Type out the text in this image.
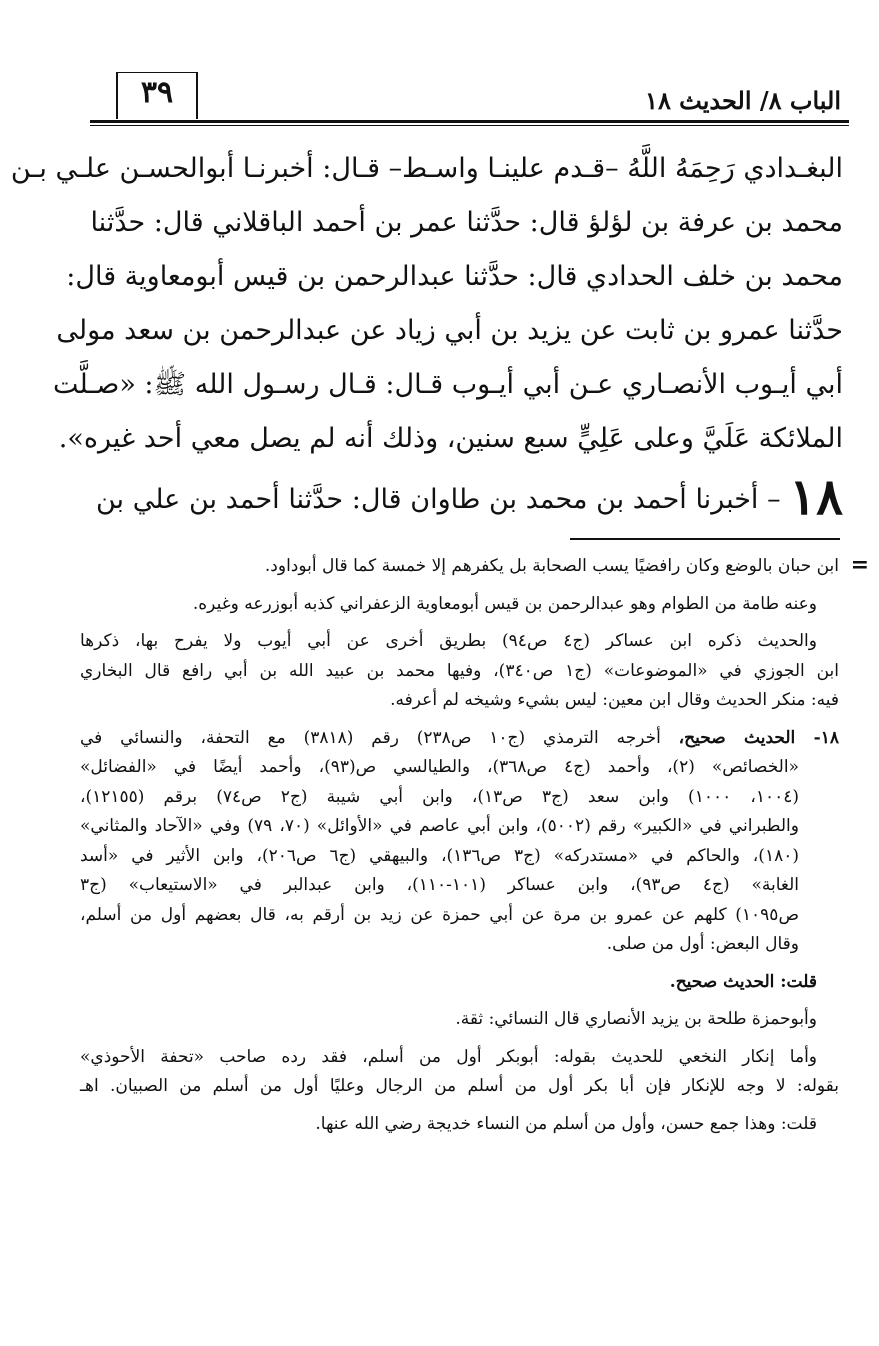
الباب ٨/ الحديث ١٨
٣٩
البغـدادي رَحِمَهُ اللَّهُ –قـدم علينـا واسـط– قـال: أخبرنـا أبوالحسـن علـي بـن
محمد بن عرفة بن لؤلؤ قال: حدَّثنا عمر بن أحمد الباقلاني قال: حدَّثنا
محمد بن خلف الحدادي قال: حدَّثنا عبدالرحمن بن قيس أبومعاوية قال:
حدَّثنا عمرو بن ثابت عن يزيد بن أبي زياد عن عبدالرحمن بن سعد مولى
أبي أيـوب الأنصـاري عـن أبي أيـوب قـال: قـال رسـول الله ﷺ: «صـلَّت
الملائكة عَلَيَّ وعلى عَلِيٍّ سبع سنين، وذلك أنه لم يصل معي أحد غيره».
١٨ – أخبرنا أحمد بن محمد بن طاوان قال: حدَّثنا أحمد بن علي بن
=
ابن حبان بالوضع وكان رافضيًا يسب الصحابة بل يكفرهم إلا خمسة كما قال أبوداود.
وعنه طامة من الطوام وهو عبدالرحمن بن قيس أبومعاوية الزعفراني كذبه أبوزرعه وغيره.
والحديث ذكره ابن عساكر (ج٤ ص٩٤) بطريق أخرى عن أبي أيوب ولا يفرح بها، ذكرها
ابن الجوزي في «الموضوعات» (ج١ ص٣٤٠)، وفيها محمد بن عبيد الله بن أبي رافع قال البخاري
فيه: منكر الحديث وقال ابن معين: ليس بشيء وشيخه لم أعرفه.
١٨- الحديث صحيح، أخرجه الترمذي (ج١٠ ص٢٣٨) رقم (٣٨١٨) مع التحفة، والنسائي في
«الخصائص» (٢)، وأحمد (ج٤ ص٣٦٨)، والطيالسي ص(٩٣)، وأحمد أيضًا في «الفضائل»
(١٠٠٤، ١٠٠٠) وابن سعد (ج٣ ص١٣)، وابن أبي شيبة (ج٢ ص٧٤) برقم (١٢١٥٥)،
والطبراني في «الكبير» رقم (٥٠٠٢)، وابن أبي عاصم في «الأوائل» (٧٠، ٧٩) وفي «الآحاد والمثاني»
(١٨٠)، والحاكم في «مستدركه» (ج٣ ص١٣٦)، والبيهقي (ج٦ ص٢٠٦)، وابن الأثير في «أسد
الغابة» (ج٤ ص٩٣)، وابن عساكر (١٠١-١١٠)، وابن عبدالبر في «الاستيعاب» (ج٣
ص١٠٩٥) كلهم عن عمرو بن مرة عن أبي حمزة عن زيد بن أرقم به، قال بعضهم أول من أسلم،
وقال البعض: أول من صلى.
قلت: الحديث صحيح.
وأبوحمزة طلحة بن يزيد الأنصاري قال النسائي: ثقة.
وأما إنكار النخعي للحديث بقوله: أبوبكر أول من أسلم، فقد رده صاحب «تحفة الأحوذي»
بقوله: لا وجه للإنكار فإن أبا بكر أول من أسلم من الرجال وعليًا أول من أسلم من الصبيان. اهـ
قلت: وهذا جمع حسن، وأول من أسلم من النساء خديجة رضي الله عنها.
